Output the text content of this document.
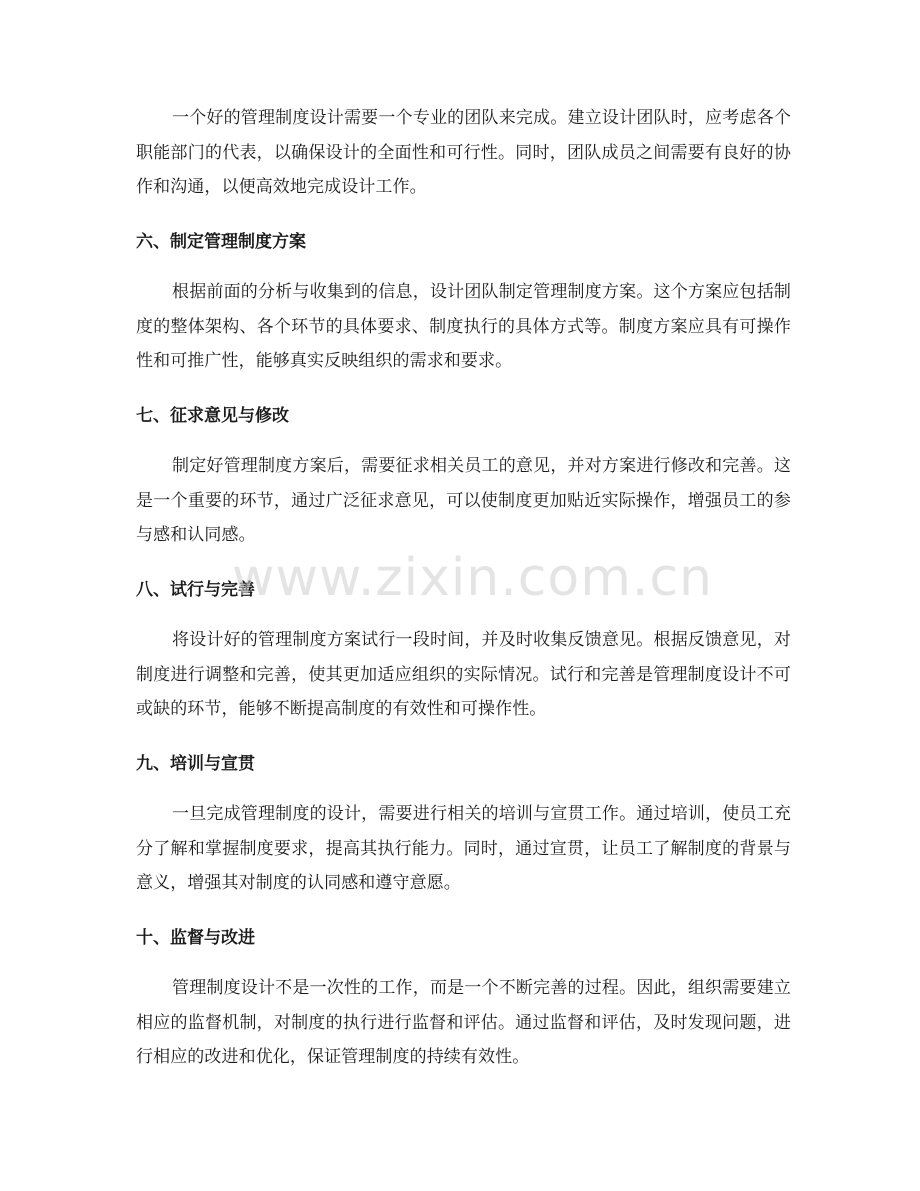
一个好的管理制度设计需要一个专业的团队来完成。建立设计团队时，应考虑各个职能部门的代表，以确保设计的全面性和可行性。同时，团队成员之间需要有良好的协作和沟通，以便高效地完成设计工作。

六、制定管理制度方案

根据前面的分析与收集到的信息，设计团队制定管理制度方案。这个方案应包括制度的整体架构、各个环节的具体要求、制度执行的具体方式等。制度方案应具有可操作性和可推广性，能够真实反映组织的需求和要求。

七、征求意见与修改

制定好管理制度方案后，需要征求相关员工的意见，并对方案进行修改和完善。这是一个重要的环节，通过广泛征求意见，可以使制度更加贴近实际操作，增强员工的参与感和认同感。

八、试行与完善

将设计好的管理制度方案试行一段时间，并及时收集反馈意见。根据反馈意见，对制度进行调整和完善，使其更加适应组织的实际情况。试行和完善是管理制度设计不可或缺的环节，能够不断提高制度的有效性和可操作性。

九、培训与宣贯

一旦完成管理制度的设计，需要进行相关的培训与宣贯工作。通过培训，使员工充分了解和掌握制度要求，提高其执行能力。同时，通过宣贯，让员工了解制度的背景与意义，增强其对制度的认同感和遵守意愿。

十、监督与改进

管理制度设计不是一次性的工作，而是一个不断完善的过程。因此，组织需要建立相应的监督机制，对制度的执行进行监督和评估。通过监督和评估，及时发现问题，进行相应的改进和优化，保证管理制度的持续有效性。

www.zixin.com.cn
